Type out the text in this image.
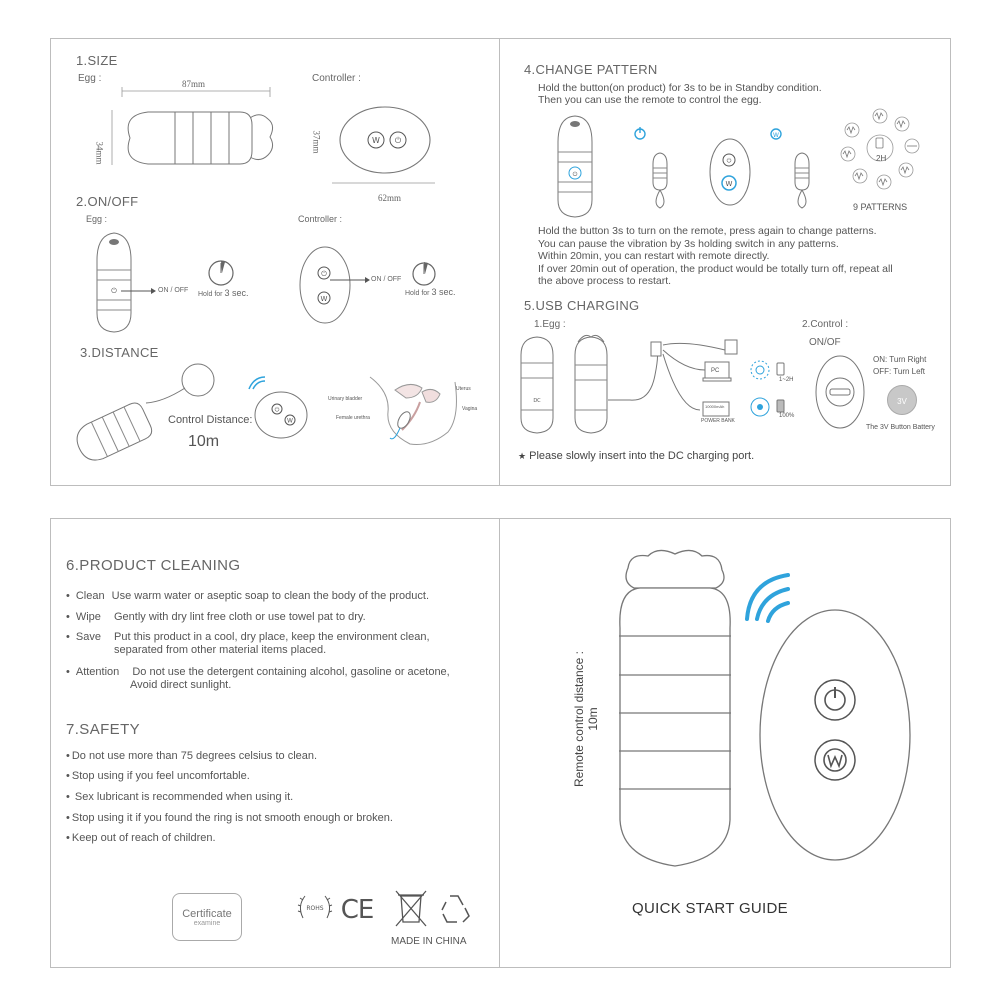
1.SIZE
Egg :	Controller :
87mm
34mm	37mm
62mm
W ⏻
2.ON/OFF
Egg :	Controller :
⏻	ON / OFF
Hold for 3 sec.
⏻
W
ON / OFF
Hold for 3 sec.
3.DISTANCE
Control Distance:
10m
⏻
W
Uterus
Urinary bladder
Vagina
Female urethra
4.CHANGE PATTERN
Hold the button(on product) for 3s to be in Standby condition.
Then you can use the remote to control the egg.
⏻
⏻
W
W
2H
9 PATTERNS
Hold the button 3s to turn on the remote, press again to change patterns.
You can pause the vibration by 3s holding switch in any patterns.
Within 20min, you can restart with remote directly.
If over 20min out of operation, the product would be totally turn off, repeat all
the above process to restart.
5.USB CHARGING
1.Egg :	2.Control :
ON/OF
DC
PC
10000mAh
POWER BANK
1~2H
100%
ON: Turn Right
OFF: Turn Left
3V
The 3V Button Battery
★ Please slowly insert into the DC charging port.
6.PRODUCT CLEANING
• Clean Use warm water or aseptic soap to clean the body of the product.
• Wipe Gently with dry lint free cloth or use towel pat to dry.
• Save Put this product in a cool, dry place, keep the environment clean,
separated from other material items placed.
• Attention Do not use the detergent containing alcohol, gasoline or acetone,
Avoid direct sunlight.
7.SAFETY
• Do not use more than 75 degrees celsius to clean.
• Stop using if you feel uncomfortable.
• Sex lubricant is recommended when using it.
• Stop using it if you found the ring is not smooth enough or broken.
• Keep out of reach of children.
Certificate
examine
ROHS CE
MADE IN CHINA
Remote control distance : 10m
QUICK START GUIDE
